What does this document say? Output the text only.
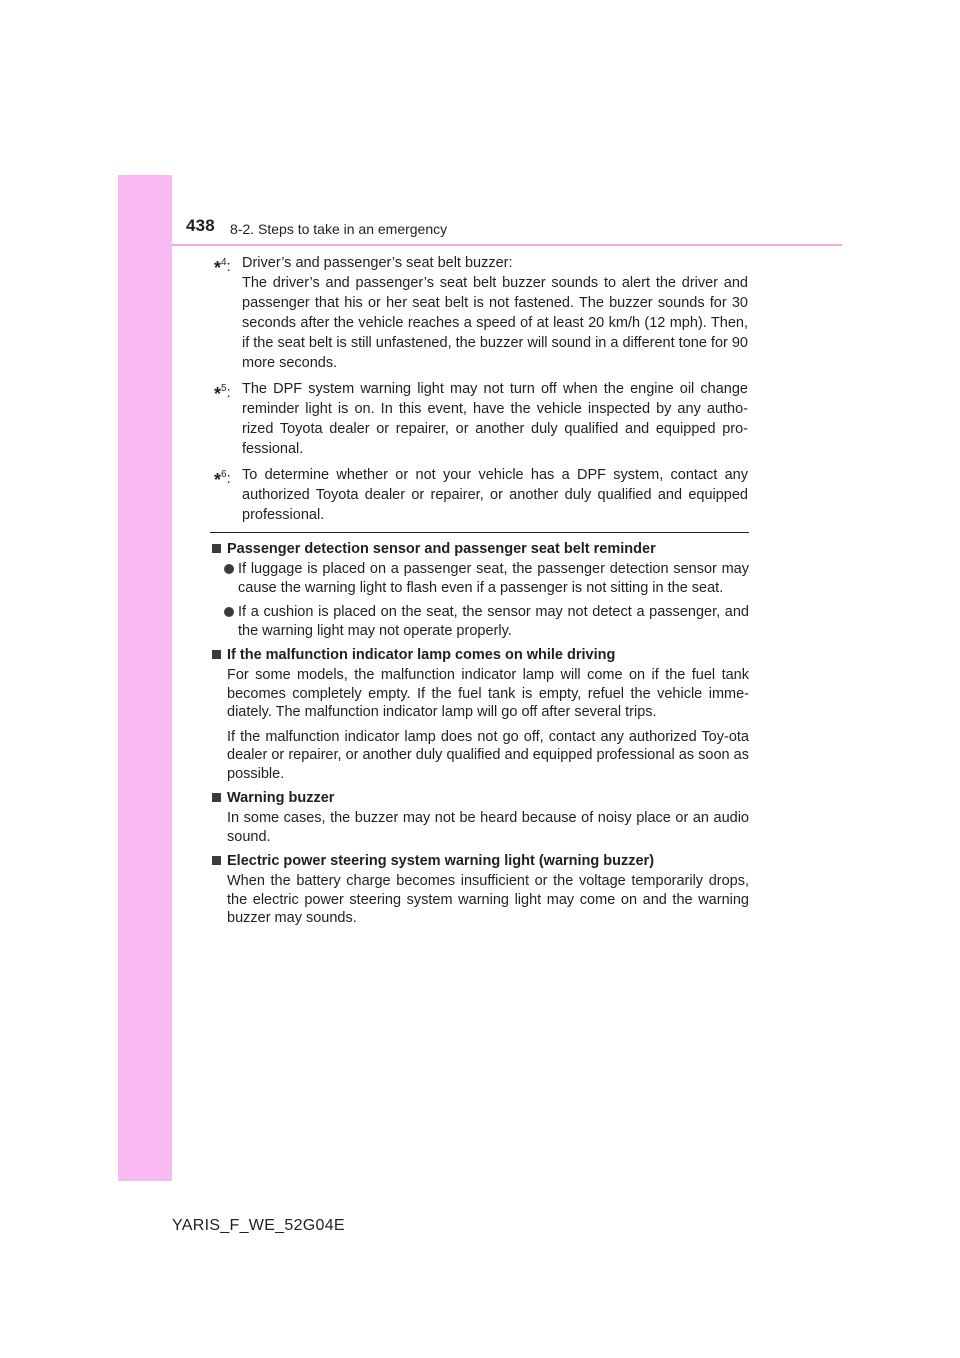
438 8-2. Steps to take in an emergency
*$^4$: Driver’s and passenger’s seat belt buzzer:
The driver’s and passenger’s seat belt buzzer sounds to alert the driver and passenger that his or her seat belt is not fastened. The buzzer sounds for 30 seconds after the vehicle reaches a speed of at least 20 km/h (12 mph). Then, if the seat belt is still unfastened, the buzzer will sound in a different tone for 90 more seconds.
*$^5$: The DPF system warning light may not turn off when the engine oil change reminder light is on. In this event, have the vehicle inspected by any autho-rized Toyota dealer or repairer, or another duly qualified and equipped pro-fessional.
*$^6$: To determine whether or not your vehicle has a DPF system, contact any authorized Toyota dealer or repairer, or another duly qualified and equipped professional.
Passenger detection sensor and passenger seat belt reminder
If luggage is placed on a passenger seat, the passenger detection sensor may cause the warning light to flash even if a passenger is not sitting in the seat.
If a cushion is placed on the seat, the sensor may not detect a passenger, and the warning light may not operate properly.
If the malfunction indicator lamp comes on while driving
For some models, the malfunction indicator lamp will come on if the fuel tank becomes completely empty. If the fuel tank is empty, refuel the vehicle imme-diately. The malfunction indicator lamp will go off after several trips.
If the malfunction indicator lamp does not go off, contact any authorized Toy-ota dealer or repairer, or another duly qualified and equipped professional as soon as possible.
Warning buzzer
In some cases, the buzzer may not be heard because of noisy place or an audio sound.
Electric power steering system warning light (warning buzzer)
When the battery charge becomes insufficient or the voltage temporarily drops, the electric power steering system warning light may come on and the warning buzzer may sounds.
YARIS_F_WE_52G04E
